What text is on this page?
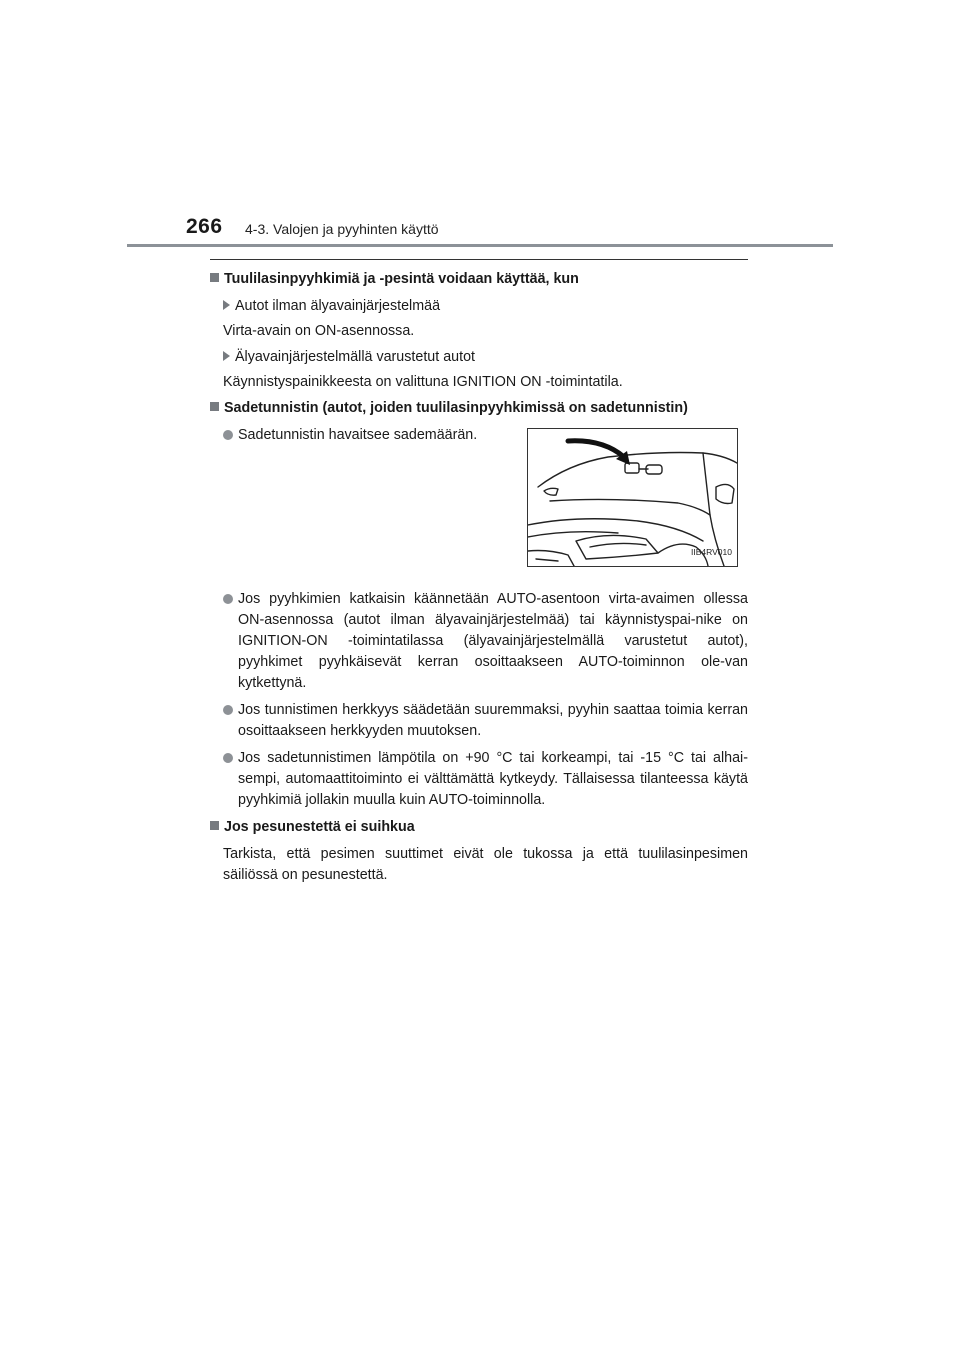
266 4-3. Valojen ja pyyhinten käyttö
Tuulilasinpyyhkimiä ja -pesintä voidaan käyttää, kun
Autot ilman älyavainjärjestelmää
Virta-avain on ON-asennossa.
Älyavainjärjestelmällä varustetut autot
Käynnistyspainikkeesta on valittuna IGNITION ON -toimintatila.
Sadetunnistin (autot, joiden tuulilasinpyyhkimissä on sadetunnistin)
Sadetunnistin havaitsee sademäärän.
IIB4RV010
Jos pyyhkimien katkaisin käännetään AUTO-asentoon virta-avaimen ollessa ON-asennossa (autot ilman älyavainjärjestelmää) tai käynnistyspai-nike on IGNITION-ON -toimintatilassa (älyavainjärjestelmällä varustetut autot), pyyhkimet pyyhkäisevät kerran osoittaakseen AUTO-toiminnon ole-van kytkettynä.
Jos tunnistimen herkkyys säädetään suuremmaksi, pyyhin saattaa toimia kerran osoittaakseen herkkyyden muutoksen.
Jos sadetunnistimen lämpötila on +90 °C tai korkeampi, tai -15 °C tai alhai-sempi, automaattitoiminto ei välttämättä kytkeydy. Tällaisessa tilanteessa käytä pyyhkimiä jollakin muulla kuin AUTO-toiminnolla.
Jos pesunestettä ei suihkua
Tarkista, että pesimen suuttimet eivät ole tukossa ja että tuulilasinpesimen säiliössä on pesunestettä.
